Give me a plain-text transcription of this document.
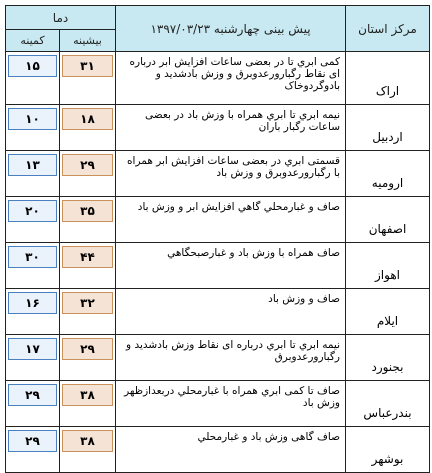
مرکز استان	پیش بینی چهارشنبه ۱۳۹۷/۰۳/۲۳	دما	
		بیشینه	کمینه
اراک	کمی ابري تا در بعضی ساعات افزایش ابر درباره ای نقاط رگبارورعدوبرق و وزش بادشدید و بادوگردوخاک	۳۱	۱۵

اردبیل	نیمه ابري تا ابري همراه با وزش باد در بعضی ساعات رگبار باران	۱۸	۱۰

ارومیه	قسمتی ابري در بعضی ساعات افزایش ابر همراه با رگبارورعدوبرق و وزش باد	۲۹	۱۳

اصفهان	صاف و غبارمحلي گاهي افزايش ابر و وزش باد	۳۵	۲۰

اهواز	صاف همراه با وزش باد و غبارصبحگاهي	۴۴	۳۰

ایلام	صاف و وزش باد	۳۲	۱۶

بجنورد	نیمه ابري تا ابري درباره ای نقاط وزش بادشدید و رگبارورعدوبرق	۲۹	۱۷

بندرعباس	صاف تا کمی ابري همراه با غبارمحلي دربعدازظهر وزش باد	۳۸	۲۹

بوشهر	صاف گاهی وزش باد و غبارمحلي	۳۸	۲۹
